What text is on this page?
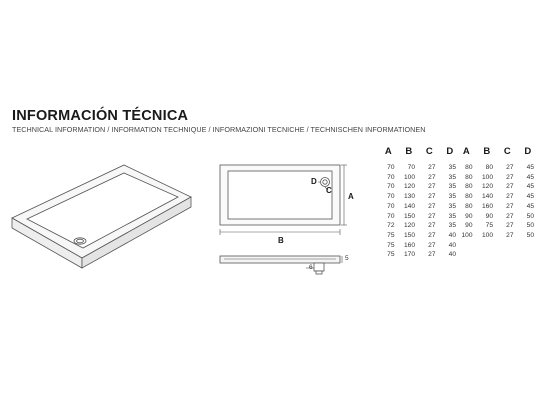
INFORMACIÓN TÉCNICA
TECHNICAL INFORMATION / INFORMATION TECHNIQUE / INFORMAZIONI TECNICHE / TECHNISCHEN INFORMATIONEN
D
C
A
B
5
6
A	B	C	D
70	70	27	35
70	100	27	35
70	120	27	35
70	130	27	35
70	140	27	35
70	150	27	35
72	120	27	35
75	150	27	40
75	160	27	40
75	170	27	40
A	B	C	D
80	80	27	45
80	100	27	45
80	120	27	45
80	140	27	45
80	160	27	45
90	90	27	50
90	75	27	50
100	100	27	50
